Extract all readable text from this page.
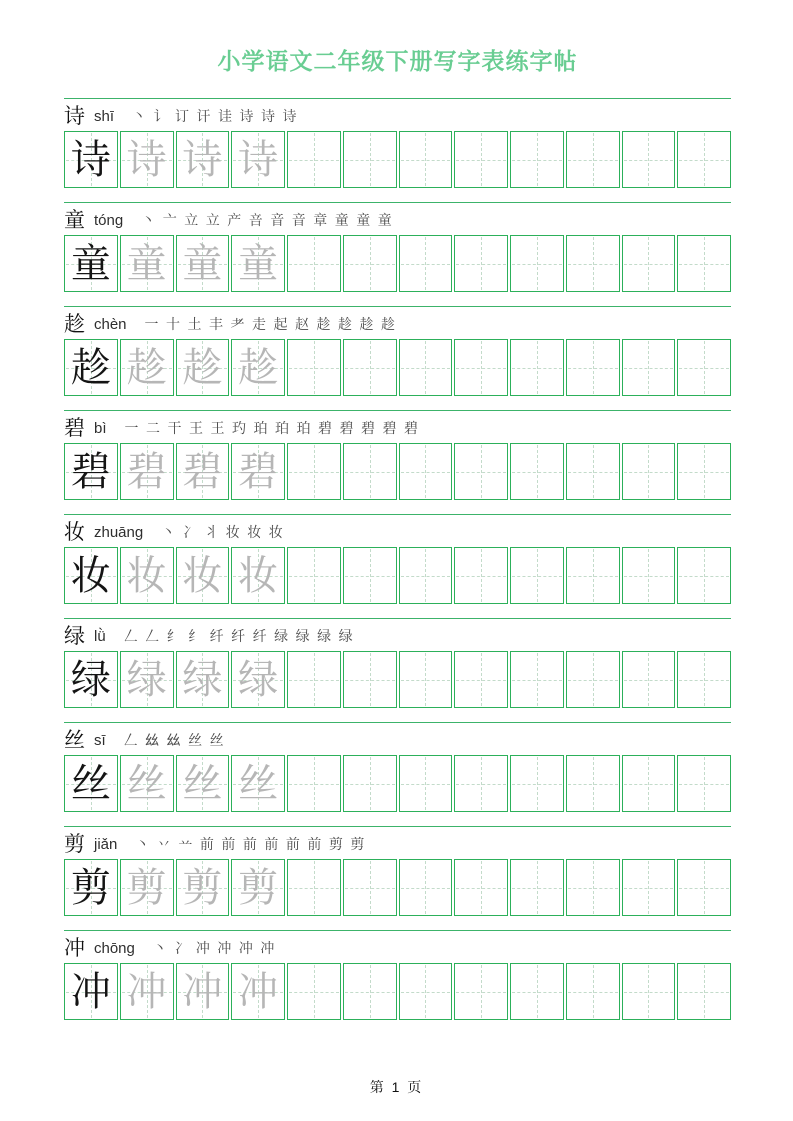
小学语文二年级下册写字表练字帖
诗 shī 丶 讠 订 讦 诖 诗 诗 诗
诗 诗 诗 诗
童 tóng 丶 亠 立 立 产 咅 音 音 章 童 童 童
童 童 童 童
趁 chèn 一 十 土 丰 耂 走 起 赵 趁 趁 趁 趁
趁 趁 趁 趁
碧 bì 一 二 干 王 王 玓 珀 珀 珀 碧 碧 碧 碧 碧
碧 碧 碧 碧
妆 zhuāng 丶 冫 丬 妆 妆 妆
妆 妆 妆 妆
绿 lǜ 𠃋 𠃋 纟 纟 纤 纤 纤 绿 绿 绿 绿
绿 绿 绿 绿
丝 sī 𠃋 𢆶 𢆶 丝 丝
丝 丝 丝 丝
剪 jiǎn 丶 丷 䒑 前 前 前 前 前 前 剪 剪
剪 剪 剪 剪
冲 chōng 丶 冫 冲 冲 冲 冲
冲 冲 冲 冲
第 1 页
